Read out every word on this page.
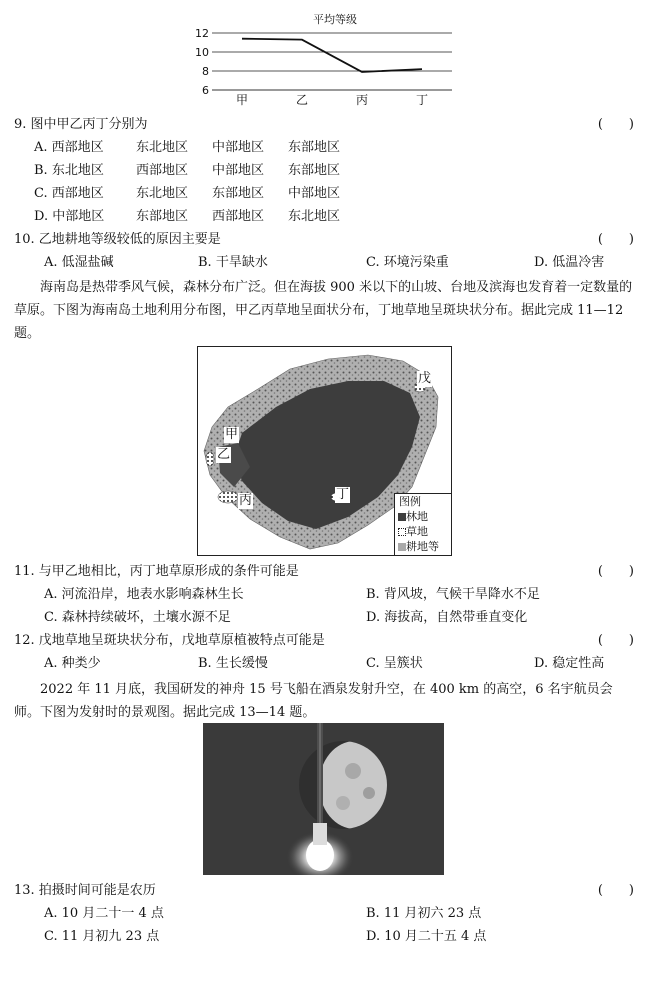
平均等级
6
8
10
12
甲	乙	丙	丁
9. 图中甲乙丙丁分别为	(　　)
A. 西部地区 东北地区 中部地区 东部地区
B. 东北地区 西部地区 中部地区 东部地区
C. 西部地区 东北地区 东部地区 中部地区
D. 中部地区 东部地区 西部地区 东北地区
10. 乙地耕地等级较低的原因主要是	(　　)
A. 低湿盐碱	B. 干旱缺水	C. 环境污染重	D. 低温冷害
海南岛是热带季风气候，森林分布广泛。但在海拔 900 米以下的山坡、台地及滨海也发育着一定数量的草原。下图为海南岛土地利用分布图，甲乙丙草地呈面状分布，丁地草地呈斑块状分布。据此完成 11—12 题。
戊
甲
乙
丙	丁	图例
林地
草地
耕地等
11. 与甲乙地相比，丙丁地草原形成的条件可能是	(　　)
A. 河流沿岸，地表水影响森林生长	B. 背风坡，气候干旱降水不足
C. 森林持续破坏，土壤水源不足	D. 海拔高，自然带垂直变化
12. 戊地草地呈斑块状分布，戊地草原植被特点可能是	(　　)
A. 种类少	B. 生长缓慢	C. 呈簇状	D. 稳定性高
2022 年 11 月底，我国研发的神舟 15 号飞船在酒泉发射升空，在 400 km 的高空，6 名宇航员会师。下图为发射时的景观图。据此完成 13—14 题。
13. 拍摄时间可能是农历	(　　)
A. 10 月二十一 4 点	B. 11 月初六 23 点
C. 11 月初九 23 点	D. 10 月二十五 4 点
